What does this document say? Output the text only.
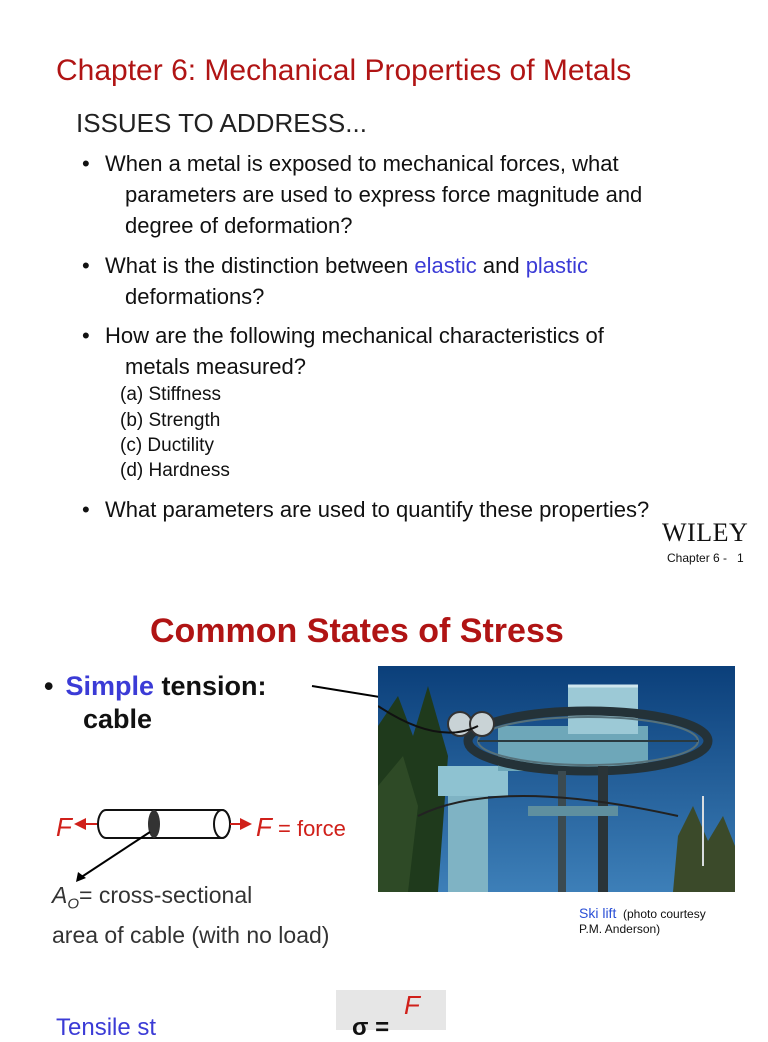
Chapter 6: Mechanical Properties of Metals
ISSUES TO ADDRESS...
• When a metal is exposed to mechanical forces, what
parameters are used to express force magnitude and
degree of deformation?
• What is the distinction between elastic and plastic
deformations?
• How are the following mechanical characteristics of
metals measured?
(a) Stiffness
(b) Strength
(c) Ductility
(d) Hardness
• What parameters are used to quantify these properties?
WILEY
Chapter 6 - 1
Common States of Stress
• Simple tension:
cable
F	F = force
$A_O=$ cross-sectional
area of cable (with no load)
Ski lift (photo courtesy
P.M. Anderson)
Tensile st
F
σ =
